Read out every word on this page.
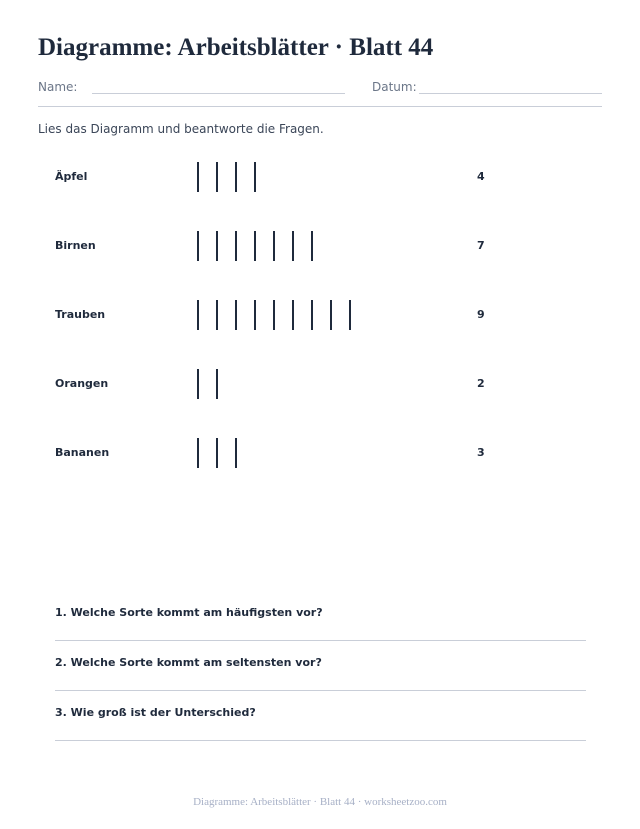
Diagramme: Arbeitsblätter · Blatt 44
Name:	Datum:
Lies das Diagramm und beantworte die Fragen.
Äpfel	4
Birnen	7
Trauben	9
Orangen	2
Bananen	3
1. Welche Sorte kommt am häufigsten vor?
2. Welche Sorte kommt am seltensten vor?
3. Wie groß ist der Unterschied?
Diagramme: Arbeitsblätter · Blatt 44 · worksheetzoo.com
